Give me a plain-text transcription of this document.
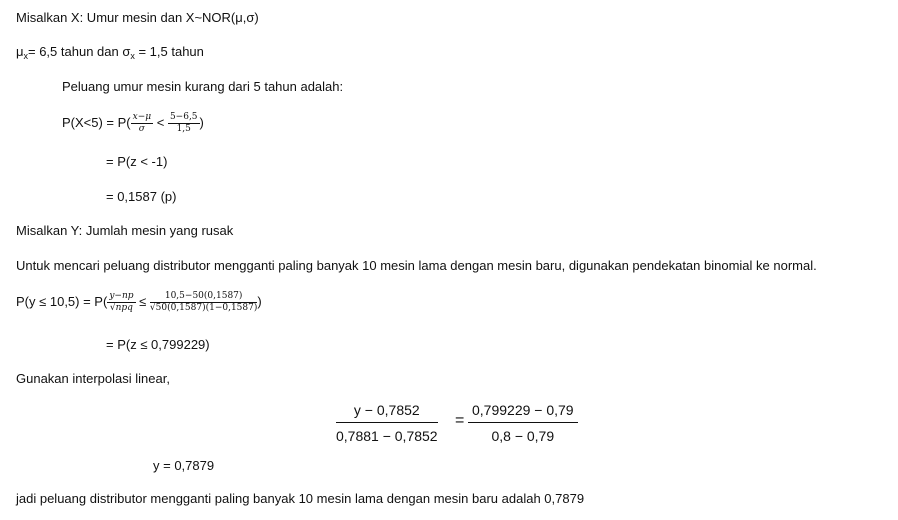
Misalkan X: Umur mesin dan X~NOR(μ,σ)
$\mu_x= 6,5$ tahun dan $\sigma_x = 1,5$ tahun
Peluang umur mesin kurang dari 5 tahun adalah:
$P(X<5) = P( \frac{x-\mu}{\sigma} < \frac{5-6,5}{1,5}$ )
= P(z < -1)
= 0,1587 (p)
Misalkan Y: Jumlah mesin yang rusak
Untuk mencari peluang distributor mengganti paling banyak 10 mesin lama dengan mesin baru, digunakan pendekatan binomial ke normal.
$P(y \le 10,5) = P( \frac{y-np}{\text{√npq}} \le \frac{10,5-50(0,1587)}{√50(0,1587)(1-0,1587)}$ )
= P(z ≤ 0,799229)
Gunakan interpolasi linear,
$\frac{y - 0,7852}{0,7881 - 0,7852} = \frac{0,799229 - 0,79}{0,8 - 0,79}$
y = 0,7879
jadi peluang distributor mengganti paling banyak 10 mesin lama dengan mesin baru adalah 0,7879
